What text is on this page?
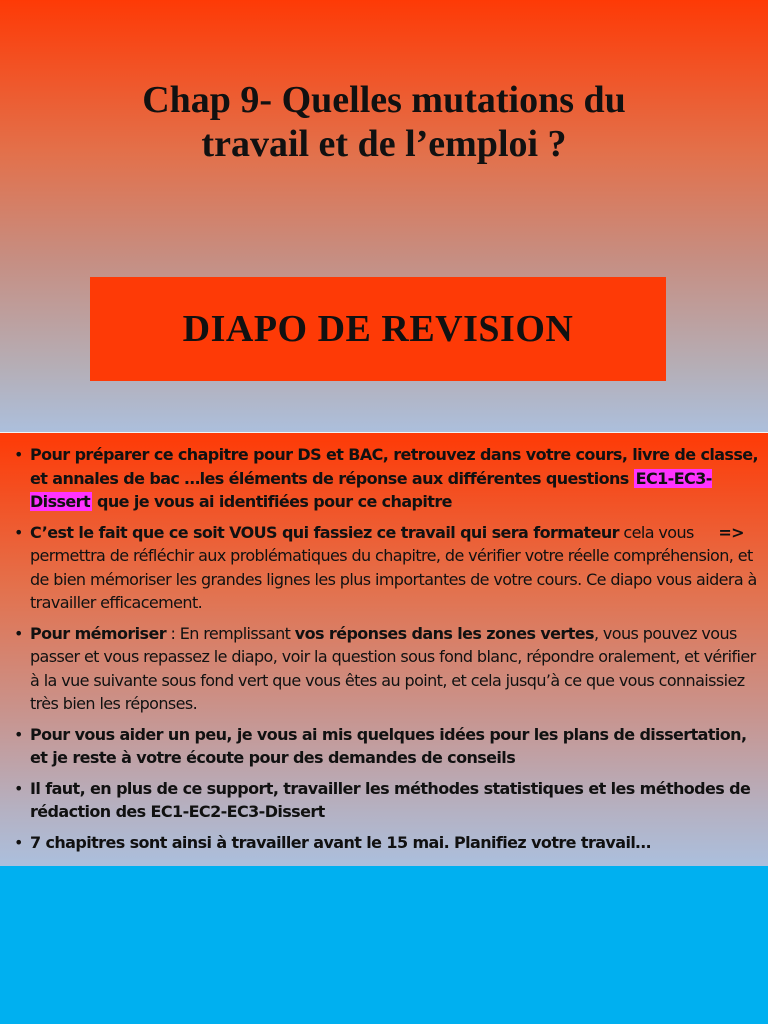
Chap 9- Quelles mutations du
travail et de l’emploi ?
DIAPO DE REVISION
• Pour préparer ce chapitre pour DS et BAC, retrouvez dans votre cours, livre de classe, et annales de bac …les éléments de réponse aux différentes questions EC1-EC3-Dissert que je vous ai identifiées pour ce chapitre
•	=>
C’est le fait que ce soit VOUS qui fassiez ce travail qui sera formateur cela vous permettra de réfléchir aux problématiques du chapitre, de vérifier votre réelle compréhension, et de bien mémoriser les grandes lignes les plus importantes de votre cours. Ce diapo vous aidera à travailler efficacement.
• Pour mémoriser : En remplissant vos réponses dans les zones vertes, vous pouvez vous passer et vous repassez le diapo, voir la question sous fond blanc, répondre oralement, et vérifier à la vue suivante sous fond vert que vous êtes au point, et cela jusqu’à ce que vous connaissiez très bien les réponses.
• Pour vous aider un peu, je vous ai mis quelques idées pour les plans de dissertation, et je reste à votre écoute pour des demandes de conseils
• Il faut, en plus de ce support, travailler les méthodes statistiques et les méthodes de rédaction des EC1-EC2-EC3-Dissert
• 7 chapitres sont ainsi à travailler avant le 15 mai. Planifiez votre travail…
